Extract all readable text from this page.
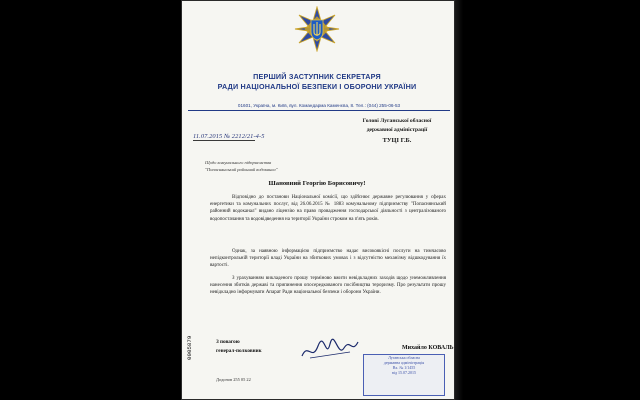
ПЕРШИЙ ЗАСТУПНИК СЕКРЕТАРЯ
РАДИ НАЦІОНАЛЬНОЇ БЕЗПЕКИ І ОБОРОНИ УКРАЇНИ
01601, Україна, м. Київ, вул. Командарма Каменєва, 8. Тел.: (044) 255-06-53
11.07.2015 № 2212/21-4-5
Голові Луганської обласної
державної адміністрації
ТУЦІ Г.Б.
Щодо комунального підприємства
"Попаснянський районний водоканал"
Шановний Георгію Борисовичу!
Відповідно до постанови Національної комісії, що здійснює державне регулювання у сферах енергетики та комунальних послуг, від 26.06.2015 № 1883 комунальному підприємству "Попаснянський районний водоканал" видано ліцензію на право провадження господарської діяльності з централізованого водопостачання та водовідведення на території України строком на п'ять років.
Однак, за наявною інформацією підприємство надає високоякісні послуги на тимчасово непідконтрольній території владі України на збиткових умовах і з відсутністю механізму відшкодування їх вартості.
З урахуванням викладеного прошу терміново вжити невідкладних заходів щодо унеможливлення нанесення збитків державі та припинення опосередкованого посібництва тероризму. Про результати прошу невідкладно інформувати Апарат Ради національної безпеки і оборони України.
З повагою
генерал-полковник	Михайло КОВАЛЬ
Луганська обласна
державна адміністрація
Вх. № 1/1455
від 15.07.2015
Додонов 255 05 22
0005879
